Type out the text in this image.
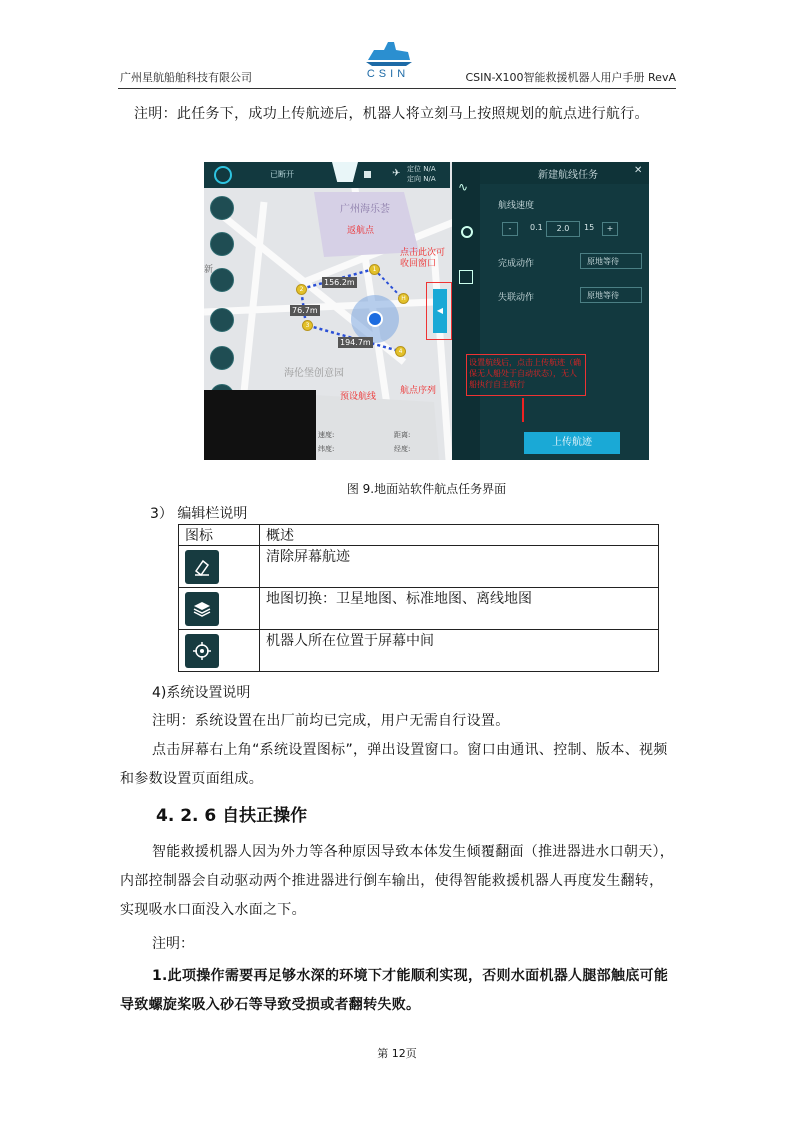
广州星航船舶科技有限公司	CSIN	CSIN-X100智能救援机器人用户手册 RevA
注明：此任务下，成功上传航迹后，机器人将立刻马上按照规划的航点进行航行。
已断开	✈ 定位 N/A
定向 N/A
新
广州海乐荟
海伦堡创意园
156.2m
76.7m
194.7m
1
2
3
4
H
返航点
点击此次可收回窗口
预设航线
航点序列
速度:
纬度:
距离:
经度:
◀
∿
新建航线任务	✕
航线速度
-	0.1	2.0	15	+
完成动作	原地等待
失联动作	原地等待
设置航线后，点击上传航迹（确保无人船处于自动状态），无人船执行自主航行
上传航迹
图 9.地面站软件航点任务界面
3） 编辑栏说明
图标	概述

	清除屏幕航迹

	地图切换：卫星地图、标准地图、离线地图

	机器人所在位置于屏幕中间
4)系统设置说明
注明：系统设置在出厂前均已完成，用户无需自行设置。
点击屏幕右上角“系统设置图标”，弹出设置窗口。窗口由通讯、控制、版本、视频和参数设置页面组成。
4. 2. 6 自扶正操作
智能救援机器人因为外力等各种原因导致本体发生倾覆翻面（推进器进水口朝天），内部控制器会自动驱动两个推进器进行倒车输出，使得智能救援机器人再度发生翻转，实现吸水口面没入水面之下。
注明：
1.此项操作需要再足够水深的环境下才能顺利实现，否则水面机器人腿部触底可能导致螺旋桨吸入砂石等导致受损或者翻转失败。
第 12页
